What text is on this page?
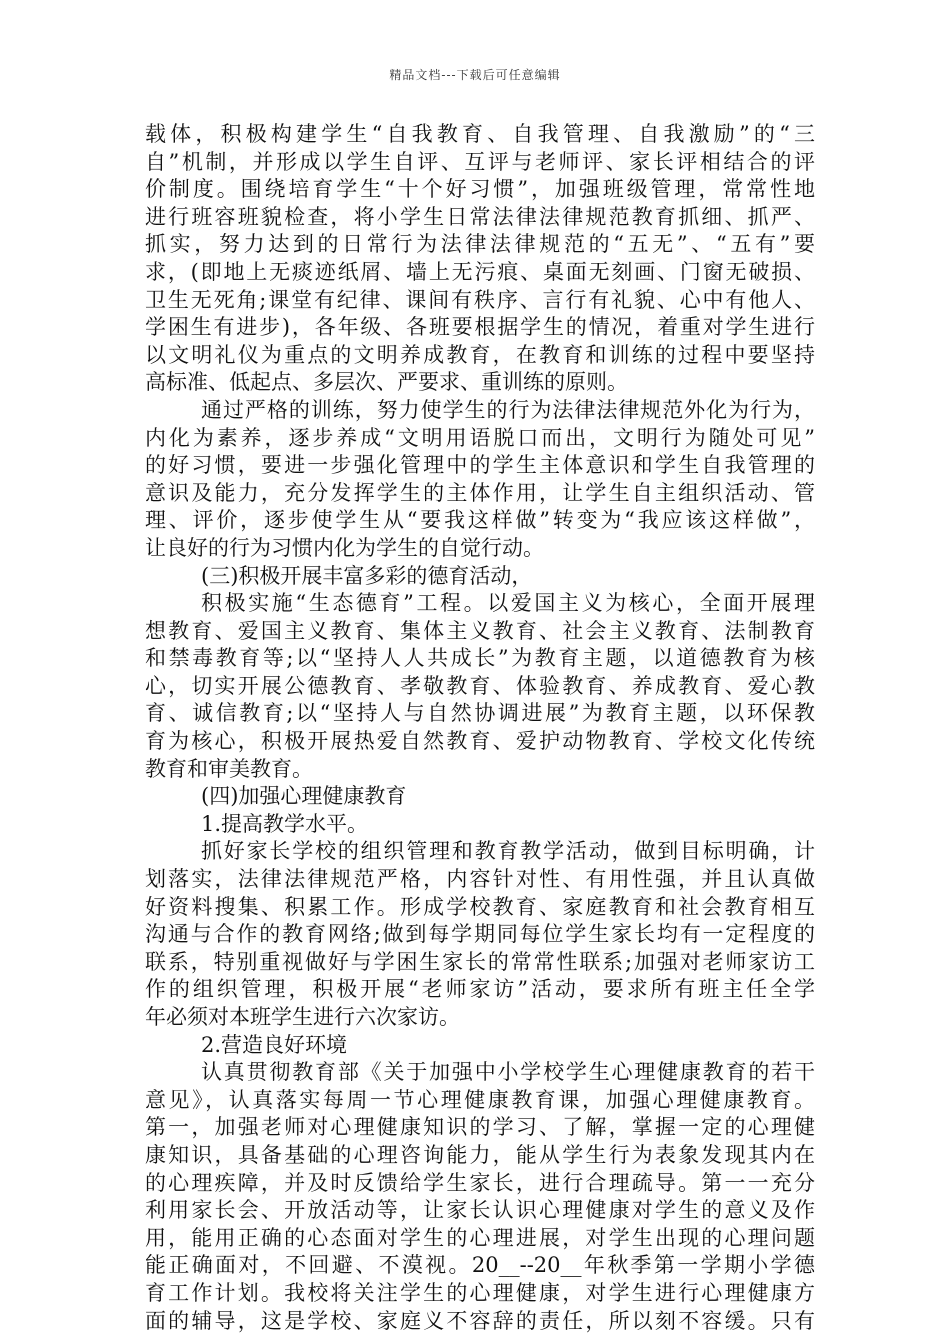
精品文档---下载后可任意编辑
载体，积极构建学生“自我教育、自我管理、自我激励”的“三
自”机制，并形成以学生自评、互评与老师评、家长评相结合的评
价制度。围绕培育学生“十个好习惯”，加强班级管理，常常性地
进行班容班貌检查，将小学生日常法律法律规范教育抓细、抓严、
抓实，努力达到的日常行为法律法律规范的“五无”、“五有”要
求，(即地上无痰迹纸屑、墙上无污痕、桌面无刻画、门窗无破损、
卫生无死角;课堂有纪律、课间有秩序、言行有礼貌、心中有他人、
学困生有进步)，各年级、各班要根据学生的情况，着重对学生进行
以文明礼仪为重点的文明养成教育，在教育和训练的过程中要坚持
高标准、低起点、多层次、严要求、重训练的原则。
通过严格的训练，努力使学生的行为法律法律规范外化为行为，
内化为素养，逐步养成“文明用语脱口而出，文明行为随处可见”
的好习惯，要进一步强化管理中的学生主体意识和学生自我管理的
意识及能力，充分发挥学生的主体作用，让学生自主组织活动、管
理、评价，逐步使学生从“要我这样做”转变为“我应该这样做”，
让良好的行为习惯内化为学生的自觉行动。
(三)积极开展丰富多彩的德育活动，
积极实施“生态德育”工程。以爱国主义为核心，全面开展理
想教育、爱国主义教育、集体主义教育、社会主义教育、法制教育
和禁毒教育等;以“坚持人人共成长”为教育主题，以道德教育为核
心，切实开展公德教育、孝敬教育、体验教育、养成教育、爱心教
育、诚信教育;以“坚持人与自然协调进展”为教育主题，以环保教
育为核心，积极开展热爱自然教育、爱护动物教育、学校文化传统
教育和审美教育。
(四)加强心理健康教育
1.提高教学水平。
抓好家长学校的组织管理和教育教学活动，做到目标明确，计
划落实，法律法律规范严格，内容针对性、有用性强，并且认真做
好资料搜集、积累工作。形成学校教育、家庭教育和社会教育相互
沟通与合作的教育网络;做到每学期同每位学生家长均有一定程度的
联系，特别重视做好与学困生家长的常常性联系;加强对老师家访工
作的组织管理，积极开展“老师家访”活动，要求所有班主任全学
年必须对本班学生进行六次家访。
2.营造良好环境
认真贯彻教育部《关于加强中小学校学生心理健康教育的若干
意见》，认真落实每周一节心理健康教育课，加强心理健康教育。
第一，加强老师对心理健康知识的学习、了解，掌握一定的心理健
康知识，具备基础的心理咨询能力，能从学生行为表象发现其内在
的心理疾障，并及时反馈给学生家长，进行合理疏导。第一一充分
利用家长会、开放活动等，让家长认识心理健康对学生的意义及作
用，能用正确的心态面对学生的心理进展，对学生出现的心理问题
能正确面对，不回避、不漠视。20__--20__年秋季第一学期小学德
育工作计划。我校将关注学生的心理健康，对学生进行心理健康方
面的辅导，这是学校、家庭义不容辞的责任，所以刻不容缓。只有
